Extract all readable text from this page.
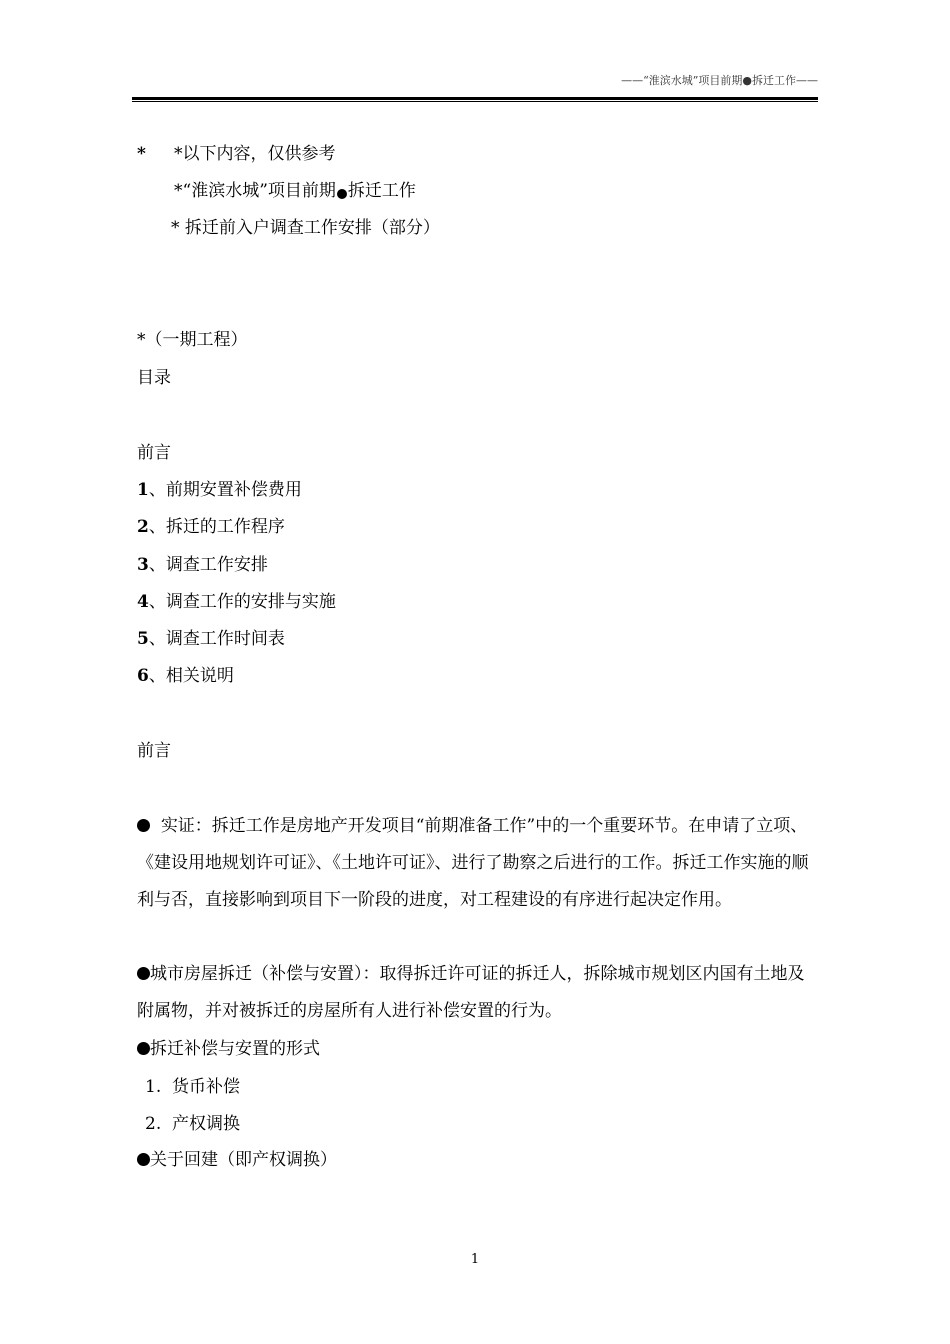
——“淮滨水城”项目前期●拆迁工作——
* *以下内容，仅供参考
*“淮滨水城”项目前期 拆迁工作
* 拆迁前入户调查工作安排（部分）
*（一期工程）
目录
前言
1、前期安置补偿费用
2、拆迁的工作程序
3、调查工作安排
4、调查工作的安排与实施
5、调查工作时间表
6、相关说明
前言
实证：拆迁工作是房地产开发项目“前期准备工作”中的一个重要环节。在申请了立项、《建设用地规划许可证》、《土地许可证》、进行了勘察之后进行的工作。拆迁工作实施的顺利与否，直接影响到项目下一阶段的进度，对工程建设的有序进行起决定作用。
城市房屋拆迁（补偿与安置）：取得拆迁许可证的拆迁人，拆除城市规划区内国有土地及附属物，并对被拆迁的房屋所有人进行补偿安置的行为。
拆迁补偿与安置的形式
1. 货币补偿
2. 产权调换
关于回建（即产权调换）
1
